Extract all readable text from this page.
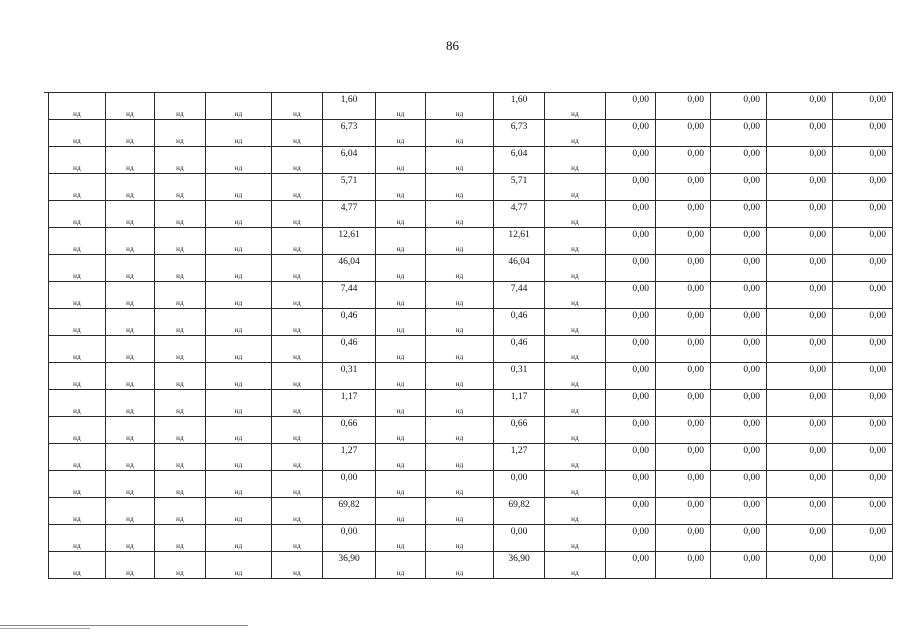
86
нд	нд	нд	нд	нд	1,60	нд	нд	1,60	нд	0,00	0,00	0,00	0,00	0,00

нд	нд	нд	нд	нд	6,73	нд	нд	6,73	нд	0,00	0,00	0,00	0,00	0,00

нд	нд	нд	нд	нд	6,04	нд	нд	6,04	нд	0,00	0,00	0,00	0,00	0,00

нд	нд	нд	нд	нд	5,71	нд	нд	5,71	нд	0,00	0,00	0,00	0,00	0,00

нд	нд	нд	нд	нд	4,77	нд	нд	4,77	нд	0,00	0,00	0,00	0,00	0,00

нд	нд	нд	нд	нд	12,61	нд	нд	12,61	нд	0,00	0,00	0,00	0,00	0,00

нд	нд	нд	нд	нд	46,04	нд	нд	46,04	нд	0,00	0,00	0,00	0,00	0,00

нд	нд	нд	нд	нд	7,44	нд	нд	7,44	нд	0,00	0,00	0,00	0,00	0,00

нд	нд	нд	нд	нд	0,46	нд	нд	0,46	нд	0,00	0,00	0,00	0,00	0,00

нд	нд	нд	нд	нд	0,46	нд	нд	0,46	нд	0,00	0,00	0,00	0,00	0,00

нд	нд	нд	нд	нд	0,31	нд	нд	0,31	нд	0,00	0,00	0,00	0,00	0,00

нд	нд	нд	нд	нд	1,17	нд	нд	1,17	нд	0,00	0,00	0,00	0,00	0,00

нд	нд	нд	нд	нд	0,66	нд	нд	0,66	нд	0,00	0,00	0,00	0,00	0,00

нд	нд	нд	нд	нд	1,27	нд	нд	1,27	нд	0,00	0,00	0,00	0,00	0,00

нд	нд	нд	нд	нд	0,00	нд	нд	0,00	нд	0,00	0,00	0,00	0,00	0,00

нд	нд	нд	нд	нд	69,82	нд	нд	69,82	нд	0,00	0,00	0,00	0,00	0,00

нд	нд	нд	нд	нд	0,00	нд	нд	0,00	нд	0,00	0,00	0,00	0,00	0,00

нд	нд	нд	нд	нд	36,90	нд	нд	36,90	нд	0,00	0,00	0,00	0,00	0,00
